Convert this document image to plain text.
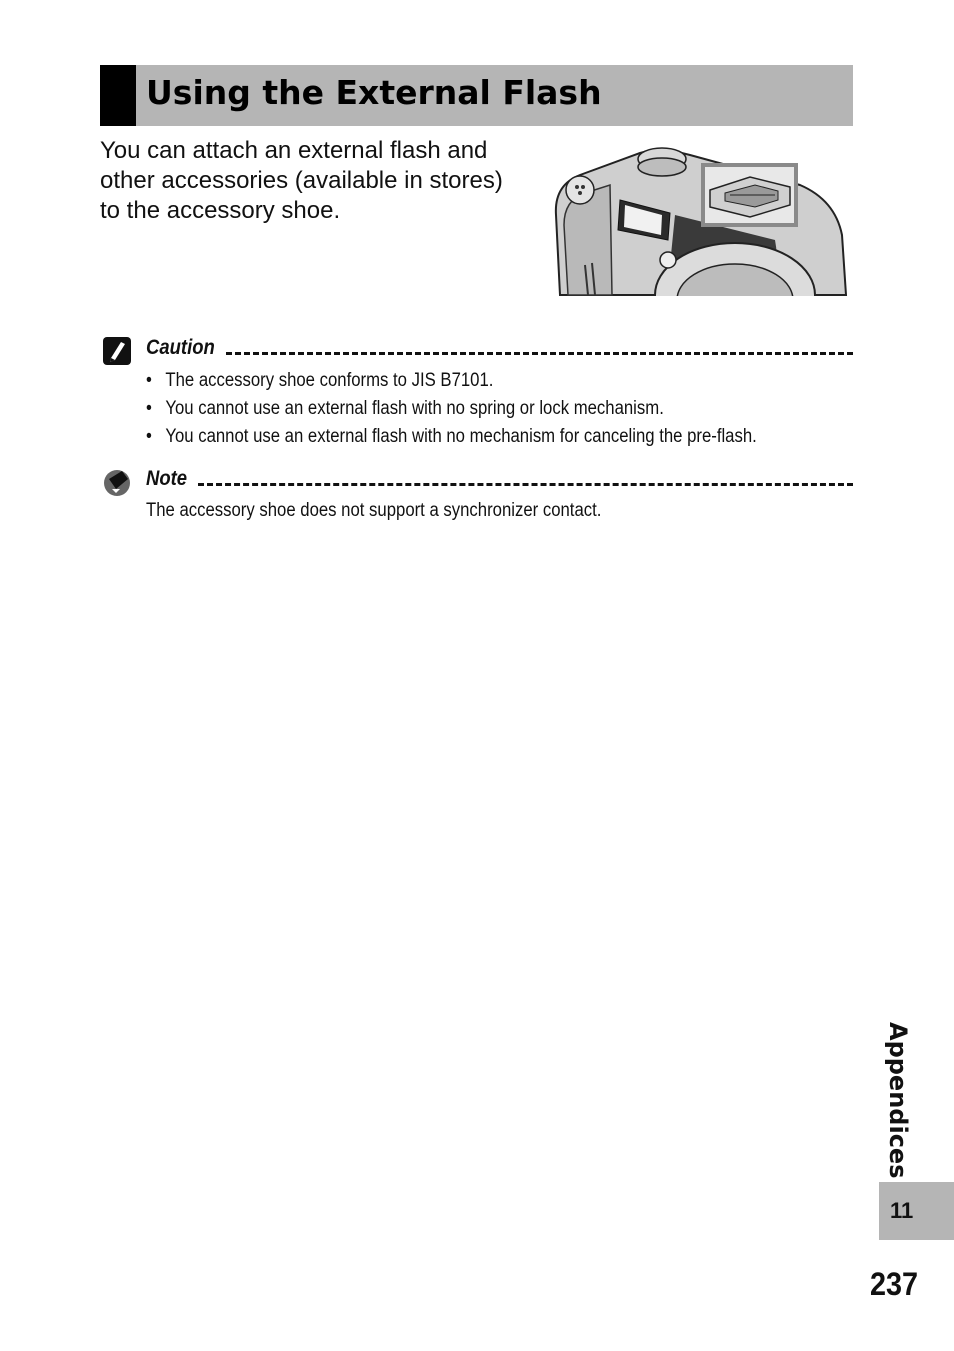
Using the External Flash
You can attach an external flash and
other accessories (available in stores)
to the accessory shoe.
Caution
• The accessory shoe conforms to JIS B7101.
• You cannot use an external flash with no spring or lock mechanism.
• You cannot use an external flash with no mechanism for canceling the pre-flash.
Note
The accessory shoe does not support a synchronizer contact.
Appendices
11
237
